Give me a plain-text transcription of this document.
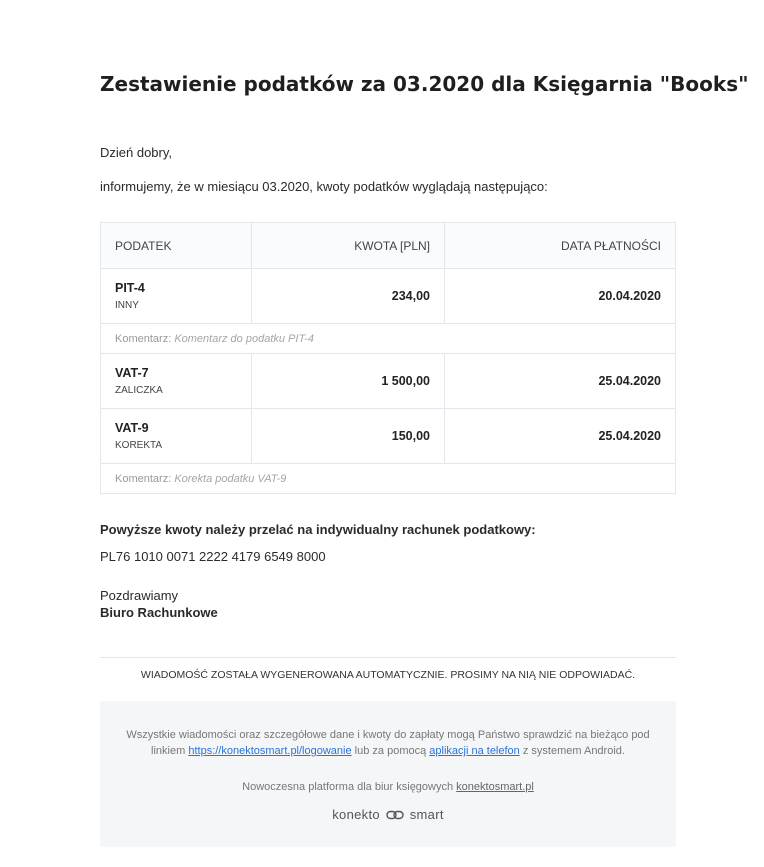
Zestawienie podatków za 03.2020 dla Księgarnia "Books"

Dzień dobry,

informujemy, że w miesiącu 03.2020, kwoty podatków wyglądają następująco:

PODATEK	KWOTA [PLN]	DATA PŁATNOŚCI

PIT-4
INNY	234,00	20.04.2020
Komentarz: Komentarz do podatku PIT-4		

VAT-7
ZALICZKA	1 500,00	25.04.2020

VAT-9
KOREKTA	150,00	25.04.2020
Komentarz: Korekta podatku VAT-9		

Powyższe kwoty należy przelać na indywidualny rachunek podatkowy:

PL76 1010 0071 2222 4179 6549 8000

Pozdrawiamy

Biuro Rachunkowe

WIADOMOŚĆ ZOSTAŁA WYGENEROWANA AUTOMATYCZNIE. PROSIMY NA NIĄ NIE ODPOWIADAĆ.
Wszystkie wiadomości oraz szczegółowe dane i kwoty do zapłaty mogą Państwo sprawdzić na bieżąco pod linkiem https://konektosmart.pl/logowanie lub za pomocą aplikacji na telefon z systemem Android.
Nowoczesna platforma dla biur księgowych konektosmart.pl
konekto smart
